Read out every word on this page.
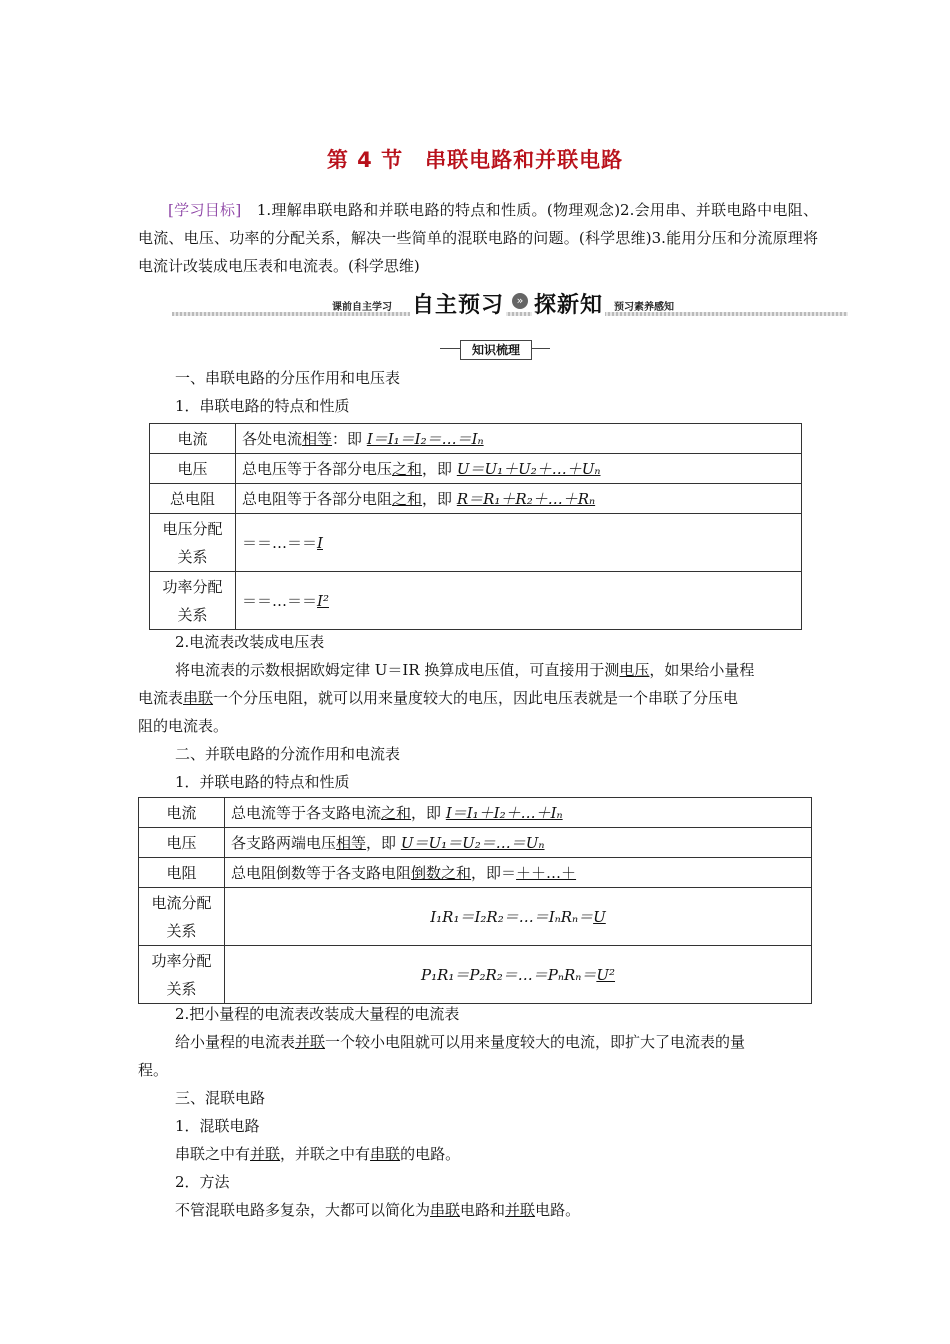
第 4 节　串联电路和并联电路
[学习目标]　1.理解串联电路和并联电路的特点和性质。(物理观念)2.会用串、并联电路中电阻、电流、电压、功率的分配关系，解决一些简单的混联电路的问题。(科学思维)3.能用分压和分流原理将电流计改装成电压表和电流表。(科学思维)
课前自主学习 自主预习	» 探新知 预习素养感知
知识梳理
一、串联电路的分压作用和电压表
1．串联电路的特点和性质
电流	各处电流相等：即 I＝I₁＝I₂＝…＝Iₙ
电压	总电压等于各部分电压之和，即 U＝U₁＋U₂＋…＋Uₙ
总电阻	总电阻等于各部分电阻之和，即 R＝R₁＋R₂＋…＋Rₙ
电压分配关系	＝＝…＝＝I
功率分配关系	＝＝…＝＝I²
2.电流表改装成电压表
将电流表的示数根据欧姆定律 U＝IR 换算成电压值，可直接用于测电压，如果给小量程
电流表串联一个分压电阻，就可以用来量度较大的电压，因此电压表就是一个串联了分压电
阻的电流表。
二、并联电路的分流作用和电流表
1．并联电路的特点和性质
电流	总电流等于各支路电流之和，即 I＝I₁＋I₂＋…＋Iₙ
电压	各支路两端电压相等，即 U＝U₁＝U₂＝…＝Uₙ
电阻	总电阻倒数等于各支路电阻倒数之和，即＝＋＋…＋
电流分配关系	I₁R₁＝I₂R₂＝…＝IₙRₙ＝U
功率分配关系	P₁R₁＝P₂R₂＝…＝PₙRₙ＝U²
2.把小量程的电流表改装成大量程的电流表
给小量程的电流表并联一个较小电阻就可以用来量度较大的电流，即扩大了电流表的量
程。
三、混联电路
1．混联电路
串联之中有并联，并联之中有串联的电路。
2．方法
不管混联电路多复杂，大都可以简化为串联电路和并联电路。
